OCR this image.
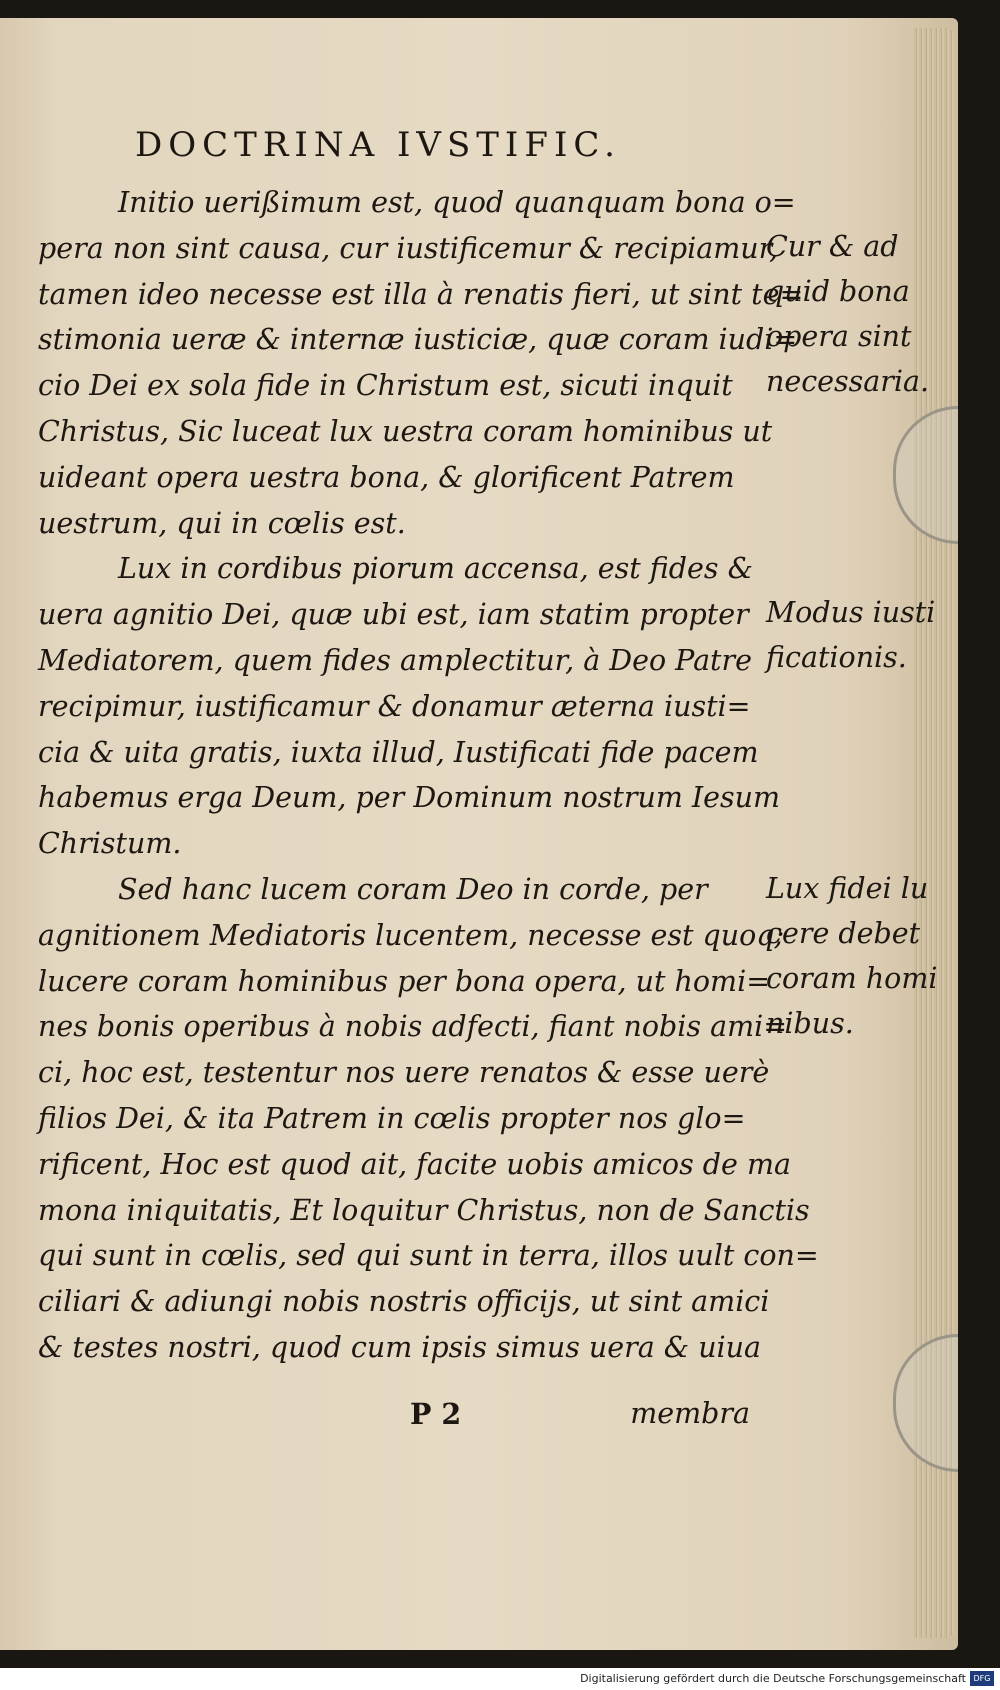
DOCTRINA IVSTIFIC.
Initio uerißimum est, quod quanquam bona o=
pera non sint causa, cur iustificemur & recipiamur,
tamen ideo necesse est illa à renatis fieri, ut sint te=
stimonia ueræ & internæ iusticiæ, quæ coram iudi=
cio Dei ex sola fide in Christum est, sicuti inquit
Christus, Sic luceat lux uestra coram hominibus ut
uideant opera uestra bona, & glorificent Patrem
uestrum, qui in cœlis est.
Lux in cordibus piorum accensa, est fides &
uera agnitio Dei, quæ ubi est, iam statim propter
Mediatorem, quem fides amplectitur, à Deo Patre
recipimur, iustificamur & donamur æterna iusti=
cia & uita gratis, iuxta illud, Iustificati fide pacem
habemus erga Deum, per Dominum nostrum Iesum
Christum.
Sed hanc lucem coram Deo in corde, per
agnitionem Mediatoris lucentem, necesse est quoq;
lucere coram hominibus per bona opera, ut homi=
nes bonis operibus à nobis adfecti, fiant nobis ami=
ci, hoc est, testentur nos uere renatos & esse uerè
filios Dei, & ita Patrem in cœlis propter nos glo=
rificent, Hoc est quod ait, facite uobis amicos de ma
mona iniquitatis, Et loquitur Christus, non de Sanctis
qui sunt in cœlis, sed qui sunt in terra, illos uult con=
ciliari & adiungi nobis nostris officijs, ut sint amici
& testes nostri, quod cum ipsis simus uera & uiua
Cur & ad
quid bona
opera sint
necessaria.
Modus iusti
ficationis.
Lux fidei lu
cere debet
coram homi
nibus.
P 2	membra
Digitalisierung gefördert durch die Deutsche Forschungsgemeinschaft DFG
